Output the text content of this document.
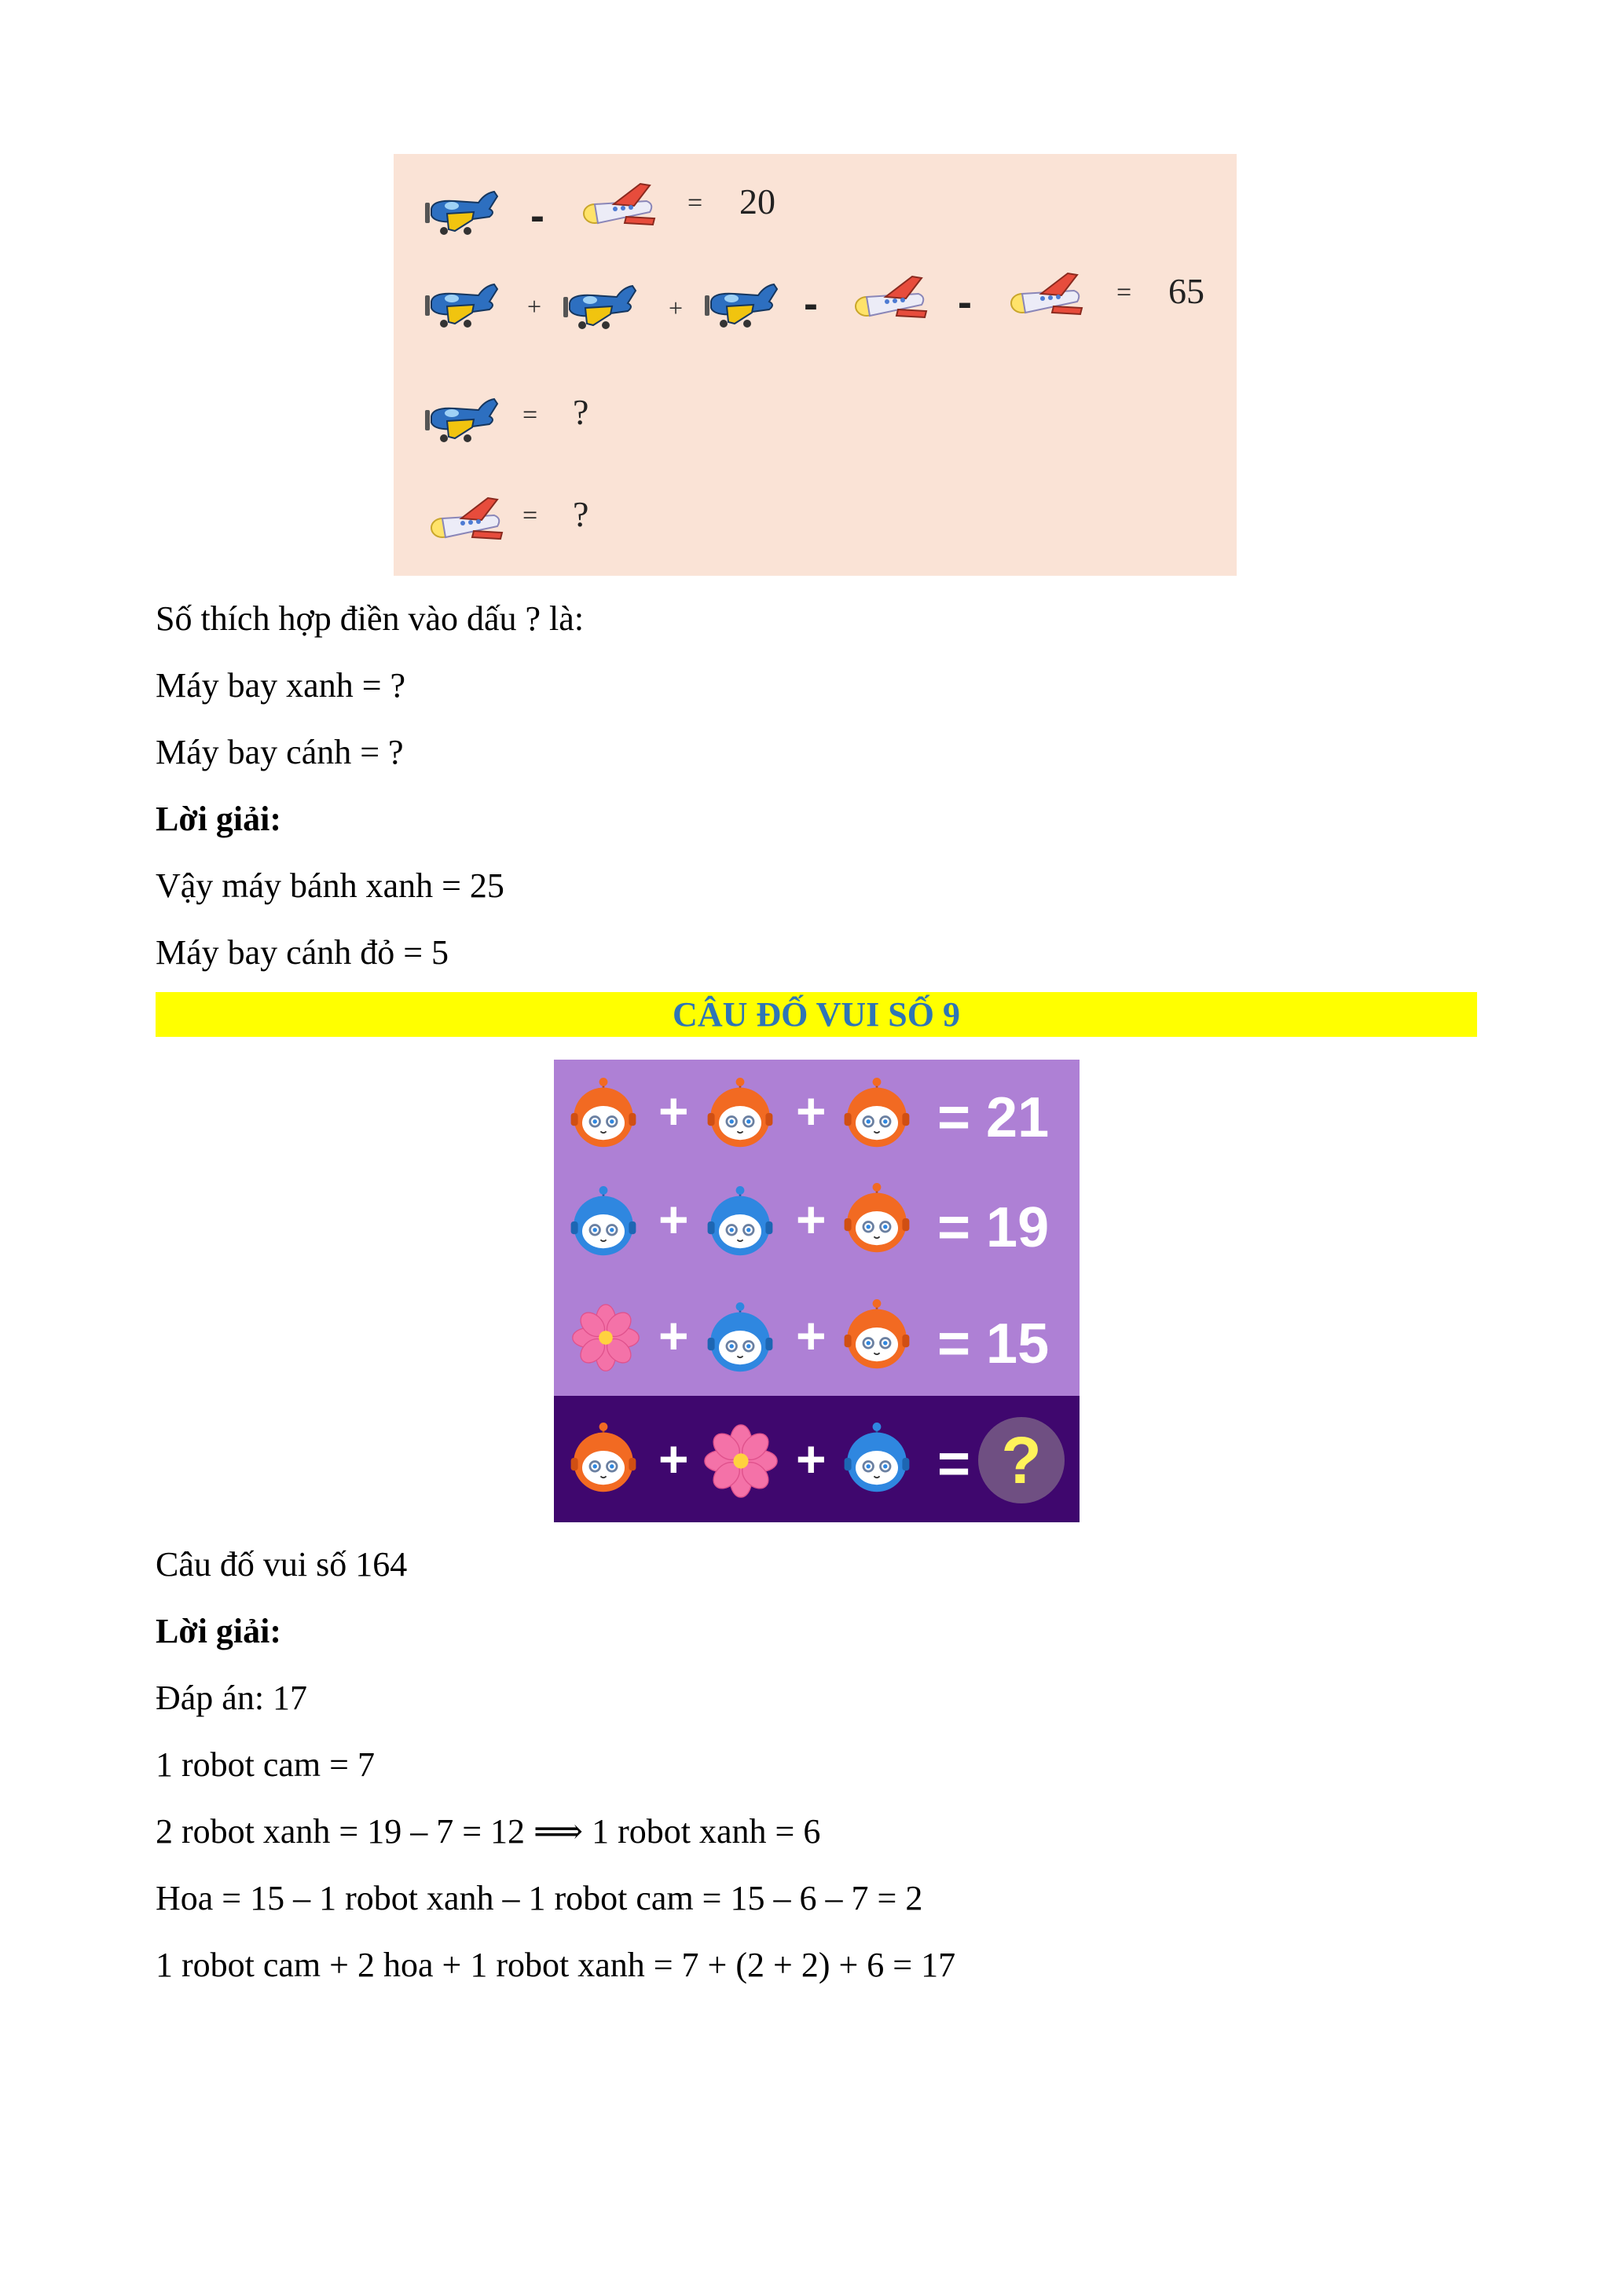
-	= 20
+	+	-	-	= 65
= ?
= ?
Số thích hợp điền vào dấu ? là:
Máy bay xanh = ?
Máy bay cánh = ?
Lời giải:
Vậy máy bánh xanh = 25
Máy bay cánh đỏ = 5
CÂU ĐỐ VUI SỐ 9
+ + = 21
+ + = 19
+ + = 15
+ + = ?
Câu đố vui số 164
Lời giải:
Đáp án: 17
1 robot cam = 7
2 robot xanh = 19 – 7 = 12 ⟹ 1 robot xanh = 6
Hoa = 15 – 1 robot xanh – 1 robot cam = 15 – 6 – 7 = 2
1 robot cam + 2 hoa + 1 robot xanh = 7 + (2 + 2) + 6 = 17
